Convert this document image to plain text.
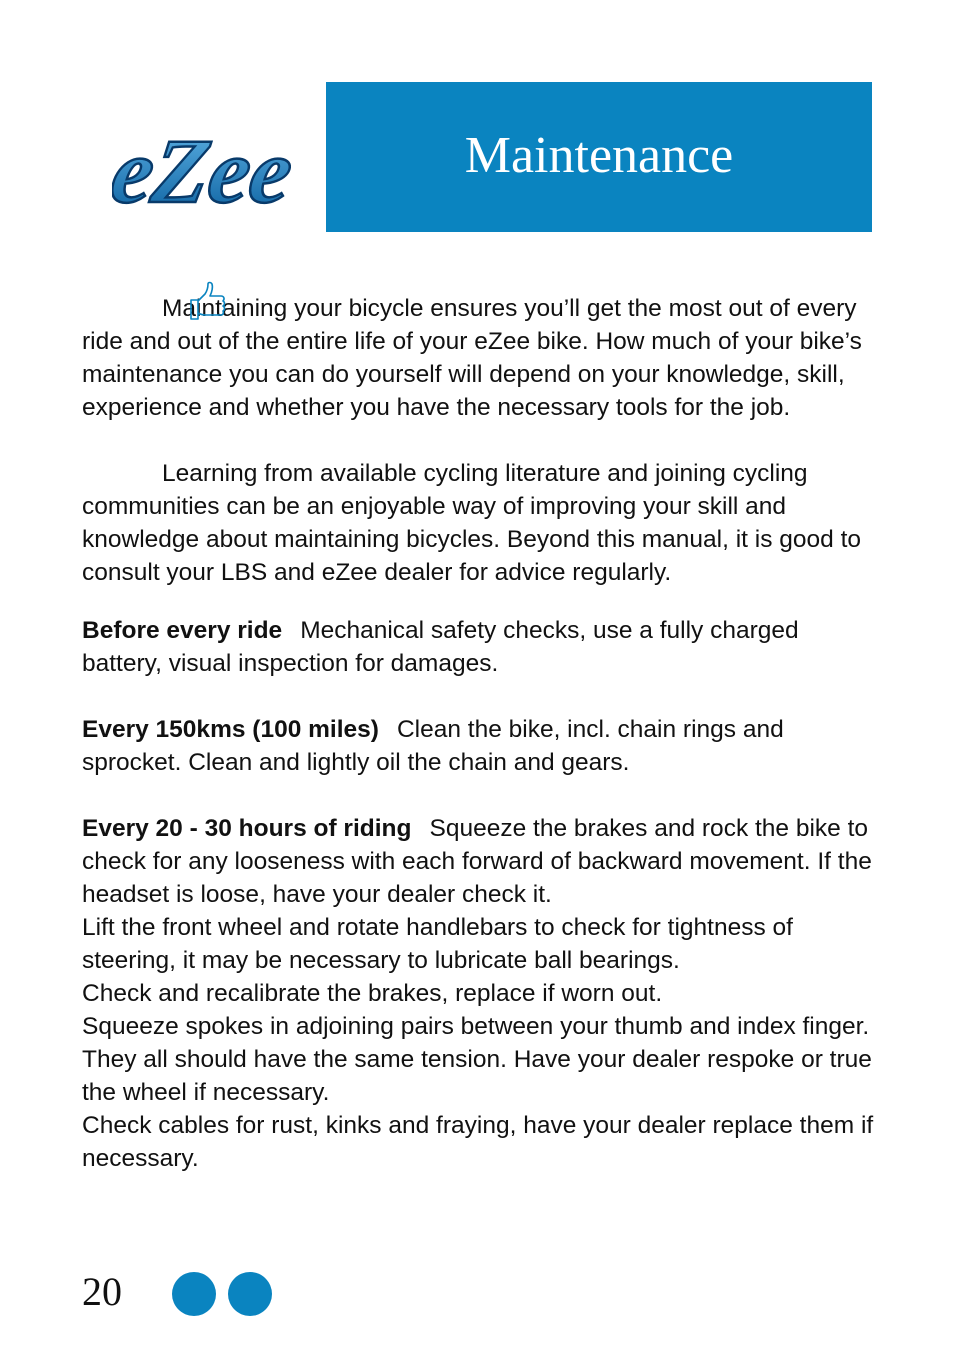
eZee	Maintenance

Maintaining your bicycle ensures you’ll get the most out of every ride and out of the entire life of your eZee bike. How much of your bike’s maintenance you can do yourself will depend on your knowledge, skill, experience and whether you have the necessary tools for the job.

Learning from available cycling literature and joining cycling communities can be an enjoyable way of improving your skill and knowledge about maintaining bicycles. Beyond this manual, it is good to consult your LBS and eZee dealer for advice regularly.

Before every ride Mechanical safety checks, use a fully charged battery, visual inspection for damages.

Every 150kms (100 miles) Clean the bike, incl. chain rings and sprocket. Clean and lightly oil the chain and gears.

Every 20 - 30 hours of riding Squeeze the brakes and rock the bike to check for any looseness with each forward of backward movement. If the headset is loose, have your dealer check it.

Lift the front wheel and rotate handlebars to check for tightness of steering, it may be necessary to lubricate ball bearings.

Check and recalibrate the brakes, replace if worn out.

Squeeze spokes in adjoining pairs between your thumb and index finger. They all should have the same tension. Have your dealer respoke or true the wheel if necessary.

Check cables for rust, kinks and fraying, have your dealer replace them if necessary.

20
